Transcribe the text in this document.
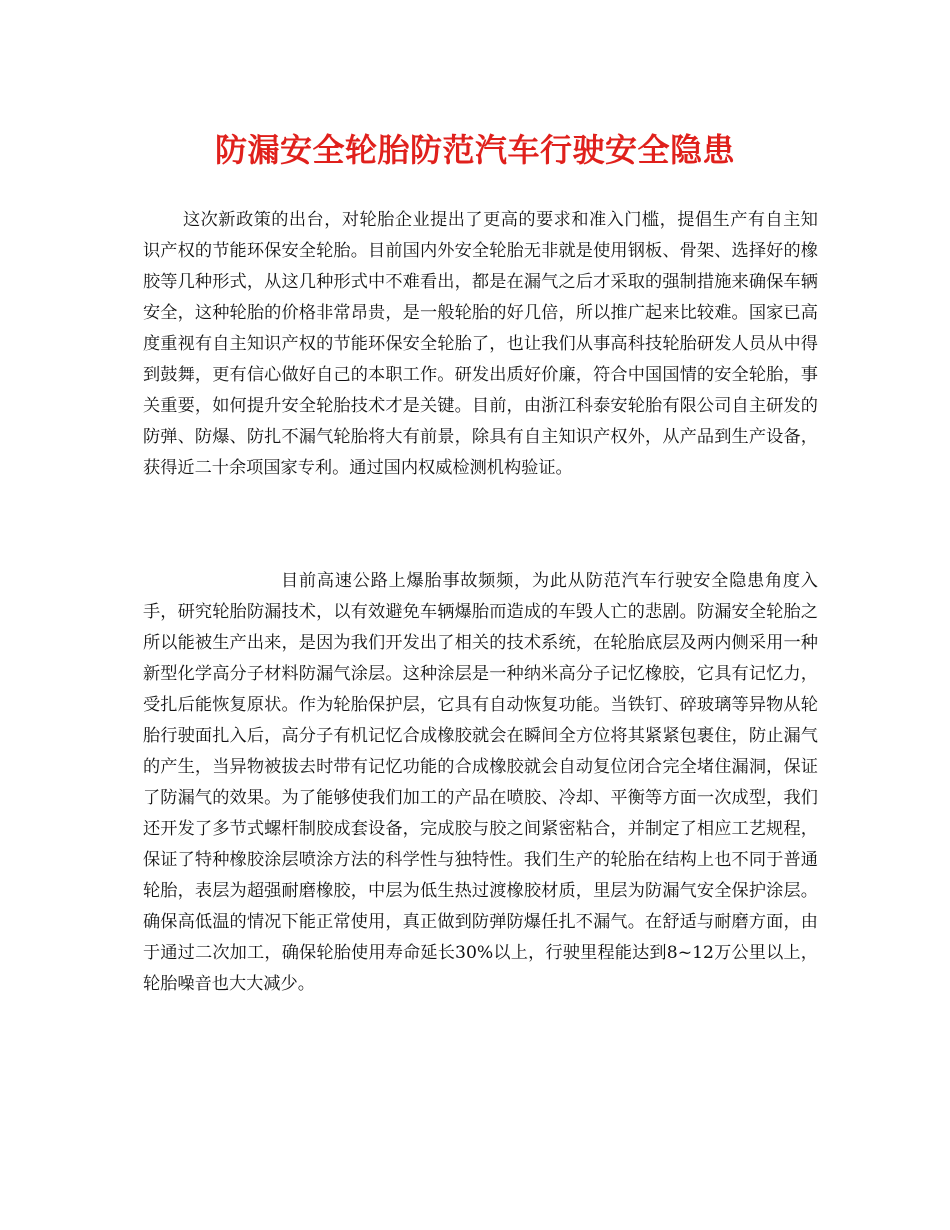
防漏安全轮胎防范汽车行驶安全隐患

这次新政策的出台，对轮胎企业提出了更高的要求和准入门槛，提倡生产有自主知识产权的节能环保安全轮胎。目前国内外安全轮胎无非就是使用钢板、骨架、选择好的橡胶等几种形式，从这几种形式中不难看出，都是在漏气之后才采取的强制措施来确保车辆安全，这种轮胎的价格非常昂贵，是一般轮胎的好几倍，所以推广起来比较难。国家已高度重视有自主知识产权的节能环保安全轮胎了，也让我们从事高科技轮胎研发人员从中得到鼓舞，更有信心做好自己的本职工作。研发出质好价廉，符合中国国情的安全轮胎，事关重要，如何提升安全轮胎技术才是关键。目前，由浙江科泰安轮胎有限公司自主研发的防弹、防爆、防扎不漏气轮胎将大有前景，除具有自主知识产权外，从产品到生产设备，获得近二十余项国家专利。通过国内权威检测机构验证。

目前高速公路上爆胎事故频频，为此从防范汽车行驶安全隐患角度入手，研究轮胎防漏技术，以有效避免车辆爆胎而造成的车毁人亡的悲剧。防漏安全轮胎之所以能被生产出来，是因为我们开发出了相关的技术系统，在轮胎底层及两内侧采用一种新型化学高分子材料防漏气涂层。这种涂层是一种纳米高分子记忆橡胶，它具有记忆力，受扎后能恢复原状。作为轮胎保护层，它具有自动恢复功能。当铁钉、碎玻璃等异物从轮胎行驶面扎入后，高分子有机记忆合成橡胶就会在瞬间全方位将其紧紧包裹住，防止漏气的产生，当异物被拔去时带有记忆功能的合成橡胶就会自动复位闭合完全堵住漏洞，保证了防漏气的效果。为了能够使我们加工的产品在喷胶、冷却、平衡等方面一次成型，我们还开发了多节式螺杆制胶成套设备，完成胶与胶之间紧密粘合，并制定了相应工艺规程，保证了特种橡胶涂层喷涂方法的科学性与独特性。我们生产的轮胎在结构上也不同于普通轮胎，表层为超强耐磨橡胶，中层为低生热过渡橡胶材质，里层为防漏气安全保护涂层。确保高低温的情况下能正常使用，真正做到防弹防爆任扎不漏气。在舒适与耐磨方面，由于通过二次加工，确保轮胎使用寿命延长30%以上，行驶里程能达到8~12万公里以上，轮胎噪音也大大减少。
